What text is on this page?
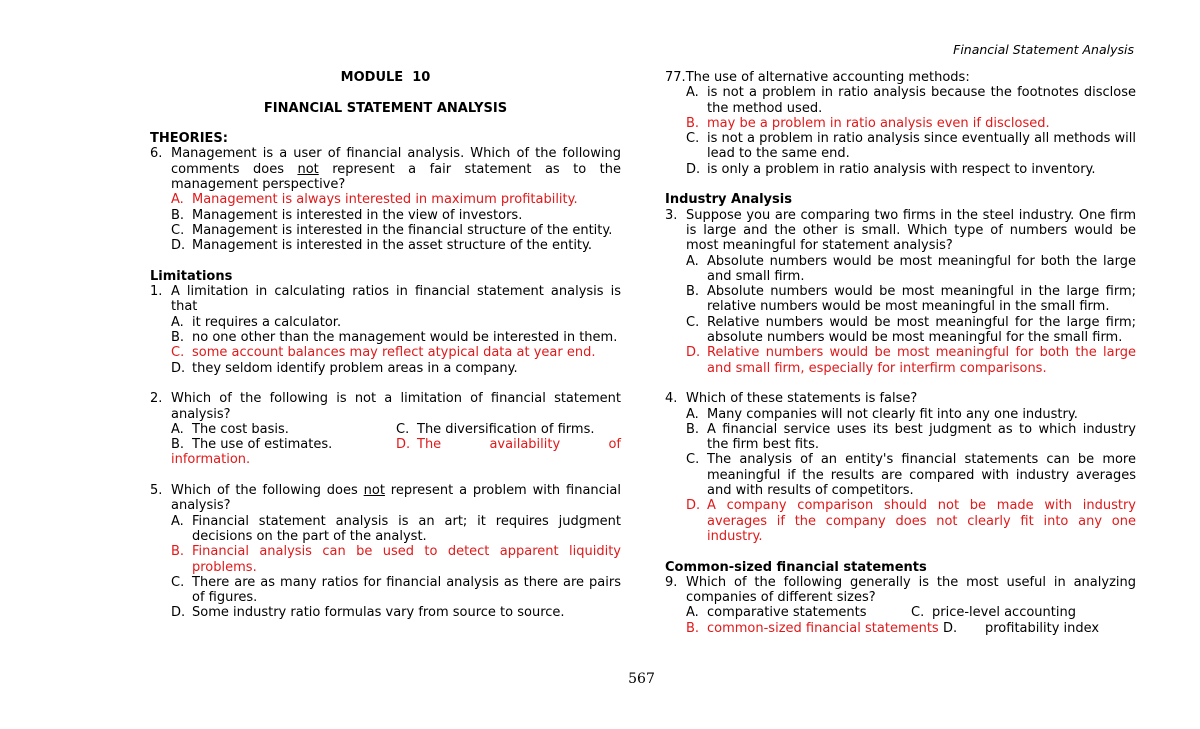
Financial Statement Analysis
MODULE  10
FINANCIAL STATEMENT ANALYSIS
THEORIES:
6. Management is a user of financial analysis. Which of the following comments does not represent a fair statement as to the management perspective?
A. Management is always interested in maximum profitability.
B. Management is interested in the view of investors.
C. Management is interested in the financial structure of the entity.
D. Management is interested in the asset structure of the entity.
Limitations
1. A limitation in calculating ratios in financial statement analysis is that
A. it requires a calculator.
B. no one other than the management would be interested in them.
C. some account balances may reflect atypical data at year end.
D. they seldom identify problem areas in a company.
2. Which of the following is not a limitation of financial statement analysis?
A. The cost basis.	C. The diversification of firms.
B. The use of estimates.	D. The	availability	of
information.
5. Which of the following does not represent a problem with financial analysis?
A. Financial statement analysis is an art; it requires judgment decisions on the part of the analyst.
B. Financial analysis can be used to detect apparent liquidity problems.
C. There are as many ratios for financial analysis as there are pairs of figures.
D. Some industry ratio formulas vary from source to source.
77. The use of alternative accounting methods:
A. is not a problem in ratio analysis because the footnotes disclose the method used.
B. may be a problem in ratio analysis even if disclosed.
C. is not a problem in ratio analysis since eventually all methods will lead to the same end.
D. is only a problem in ratio analysis with respect to inventory.
Industry Analysis
3. Suppose you are comparing two firms in the steel industry. One firm is large and the other is small. Which type of numbers would be most meaningful for statement analysis?
A. Absolute numbers would be most meaningful for both the large and small firm.
B. Absolute numbers would be most meaningful in the large firm; relative numbers would be most meaningful in the small firm.
C. Relative numbers would be most meaningful for the large firm; absolute numbers would be most meaningful for the small firm.
D. Relative numbers would be most meaningful for both the large and small firm, especially for interfirm comparisons.
4. Which of these statements is false?
A. Many companies will not clearly fit into any one industry.
B. A financial service uses its best judgment as to which industry the firm best fits.
C. The analysis of an entity's financial statements can be more meaningful if the results are compared with industry averages and with results of competitors.
D. A company comparison should not be made with industry averages if the company does not clearly fit into any one industry.
Common-sized financial statements
9. Which of the following generally is the most useful in analyzing companies of different sizes?
A. comparative statements	C. price-level accounting
B. common-sized financial statements D.	profitability index
567
